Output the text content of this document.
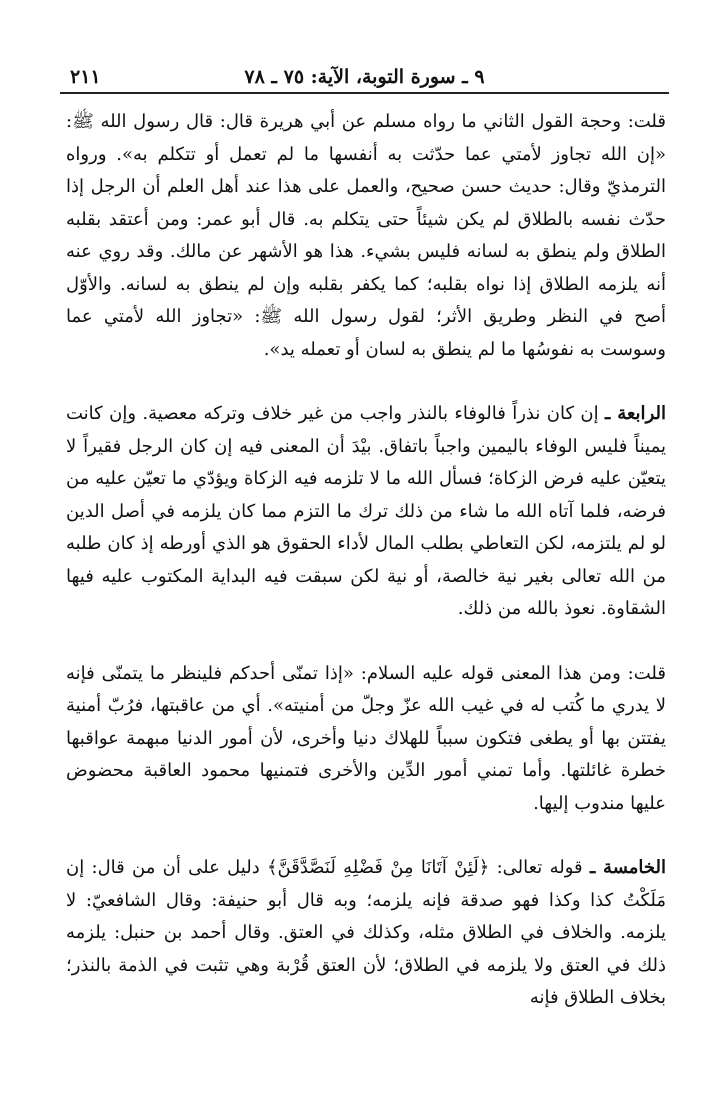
٩ ـ سورة التوبة، الآية: ٧٥ ـ ٧٨
٢١١

قلت: وحجة القول الثاني ما رواه مسلم عن أبي هريرة قال: قال رسول الله ﷺ: «إن الله تجاوز لأمتي عما حدّثت به أنفسها ما لم تعمل أو تتكلم به». ورواه الترمذيّ وقال: حديث حسن صحيح، والعمل على هذا عند أهل العلم أن الرجل إذا حدّث نفسه بالطلاق لم يكن شيئاً حتى يتكلم به. قال أبو عمر: ومن أعتقد بقلبه الطلاق ولم ينطق به لسانه فليس بشيء. هذا هو الأشهر عن مالك. وقد روي عنه أنه يلزمه الطلاق إذا نواه بقلبه؛ كما يكفر بقلبه وإن لم ينطق به لسانه. والأوّل أصح في النظر وطريق الأثر؛ لقول رسول الله ﷺ: «تجاوز الله لأمتي عما وسوست به نفوسُها ما لم ينطق به لسان أو تعمله يد».

الرابعة ـ إن كان نذراً فالوفاء بالنذر واجب من غير خلاف وتركه معصية. وإن كانت يميناً فليس الوفاء باليمين واجباً باتفاق. بيْدَ أن المعنى فيه إن كان الرجل فقيراً لا يتعيّن عليه فرض الزكاة؛ فسأل الله ما لا تلزمه فيه الزكاة ويؤدّي ما تعيّن عليه من فرضه، فلما آتاه الله ما شاء من ذلك ترك ما التزم مما كان يلزمه في أصل الدين لو لم يلتزمه، لكن التعاطي بطلب المال لأداء الحقوق هو الذي أورطه إذ كان طلبه من الله تعالى بغير نية خالصة، أو نية لكن سبقت فيه البداية المكتوب عليه فيها الشقاوة. نعوذ بالله من ذلك.

قلت: ومن هذا المعنى قوله عليه السلام: «إذا تمنّى أحدكم فلينظر ما يتمنّى فإنه لا يدري ما كُتب له في غيب الله عزّ وجلّ من أمنيته». أي من عاقبتها، فرُبّ أمنية يفتتن بها أو يطغى فتكون سبباً للهلاك دنيا وأخرى، لأن أمور الدنيا مبهمة عواقبها خطرة غائلتها. وأما تمني أمور الدِّين والأخرى فتمنيها محمود العاقبة محضوض عليها مندوب إليها.

الخامسة ـ قوله تعالى: ﴿لَئِنْ آتَانَا مِنْ فَضْلِهِ لَنَصَّدَّقَنَّ﴾ دليل على أن من قال: إن مَلَكْتُ كذا وكذا فهو صدقة فإنه يلزمه؛ وبه قال أبو حنيفة: وقال الشافعيّ: لا يلزمه. والخلاف في الطلاق مثله، وكذلك في العتق. وقال أحمد بن حنبل: يلزمه ذلك في العتق ولا يلزمه في الطلاق؛ لأن العتق قُرْبة وهي تثبت في الذمة بالنذر؛ بخلاف الطلاق فإنه
